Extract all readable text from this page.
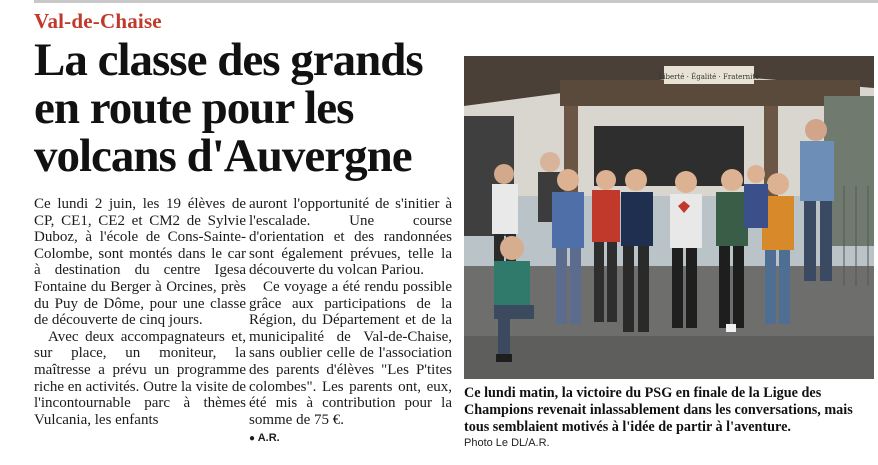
Val-de-Chaise
La classe des grands
en route pour les
volcans d'Auvergne

Ce lundi 2 juin, les 19 élèves de CP, CE1, CE2 et CM2 de Sylvie Duboz, à l'école de Cons-Sainte-Colombe, sont montés dans le car à destination du centre Igesa Fontaine du Berger à Orcines, près du Puy de Dôme, pour une classe de découverte de cinq jours.

Avec deux accompagnateurs et, sur place, un moniteur, la maîtresse a prévu un programme riche en activités. Outre la visite de l'incontournable parc à thèmes Vulcania, les enfants

auront l'opportunité de s'initier à l'escalade. Une course d'orientation et des randonnées sont également prévues, telle la découverte du volcan Pariou.

Ce voyage a été rendu possible grâce aux participations de la Région, du Département et de la municipalité de Val-de-Chaise, sans oublier celle de l'association des parents d'élèves "Les P'tites colombes". Les parents ont, eux, été mis à contribution pour la somme de 75 €.

● A.R.
Liberté · Égalité · Fraternité
Ce lundi matin, la victoire du PSG en finale de la Ligue des Champions revenait inlassablement dans les conversations, mais tous semblaient motivés à l'idée de partir à l'aventure.
Photo Le DL/A.R.
